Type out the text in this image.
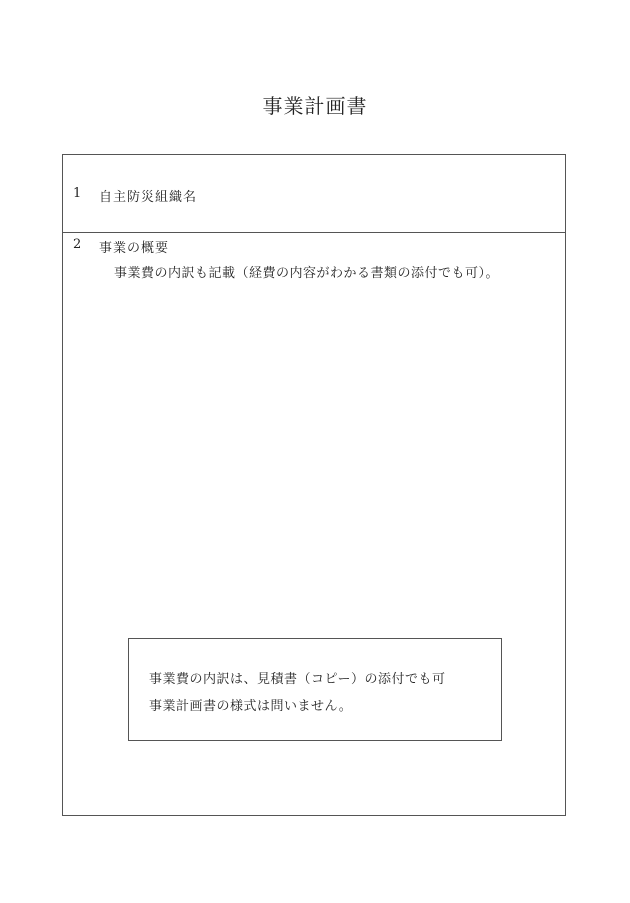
事業計画書
1 自主防災組織名
2 事業の概要
事業費の内訳も記載（経費の内容がわかる書類の添付でも可）。
事業費の内訳は、見積書（コピー）の添付でも可
事業計画書の様式は問いません。
